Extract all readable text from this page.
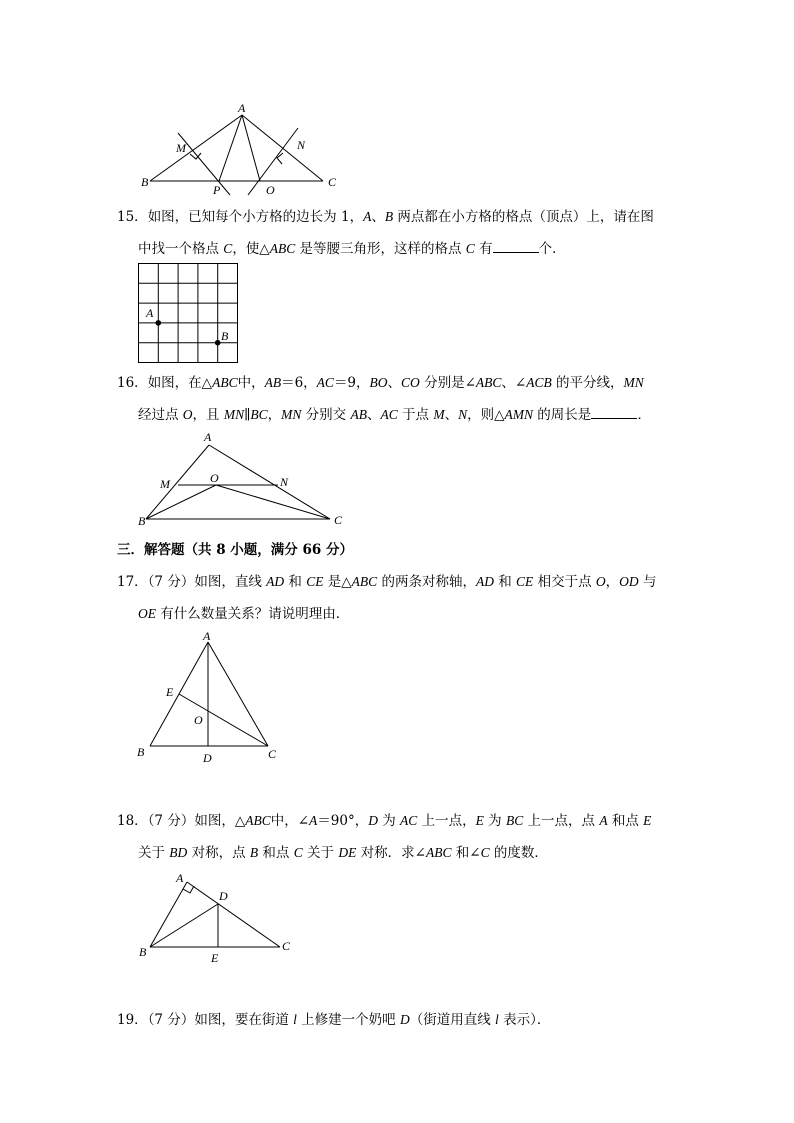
A
M	N
B
P	O
C
15．如图，已知每个小方格的边长为 1，A、B 两点都在小方格的格点（顶点）上，请在图
中找一个格点 C，使△ABC 是等腰三角形，这样的格点 C 有	个．
A
B
16．如图，在△ABC中，AB＝6，AC＝9，BO、CO 分别是∠ABC、∠ACB 的平分线，MN
经过点 O，且 MN∥BC，MN 分别交 AB、AC 于点 M、N，则△AMN 的周长是	．
A
M	O	N
B	C
三．解答题（共 8 小题，满分 66 分）
17．（7 分）如图，直线 AD 和 CE 是△ABC 的两条对称轴，AD 和 CE 相交于点 O，OD 与
OE 有什么数量关系？请说明理由．
A
E
O
B	D	C
18．（7 分）如图，△ABC中，∠A＝90°，D 为 AC 上一点，E 为 BC 上一点，点 A 和点 E
关于 BD 对称，点 B 和点 C 关于 DE 对称．求∠ABC 和∠C 的度数．
A
D
B	E
C
19．（7 分）如图，要在街道 l 上修建一个奶吧 D（街道用直线 l 表示）．
